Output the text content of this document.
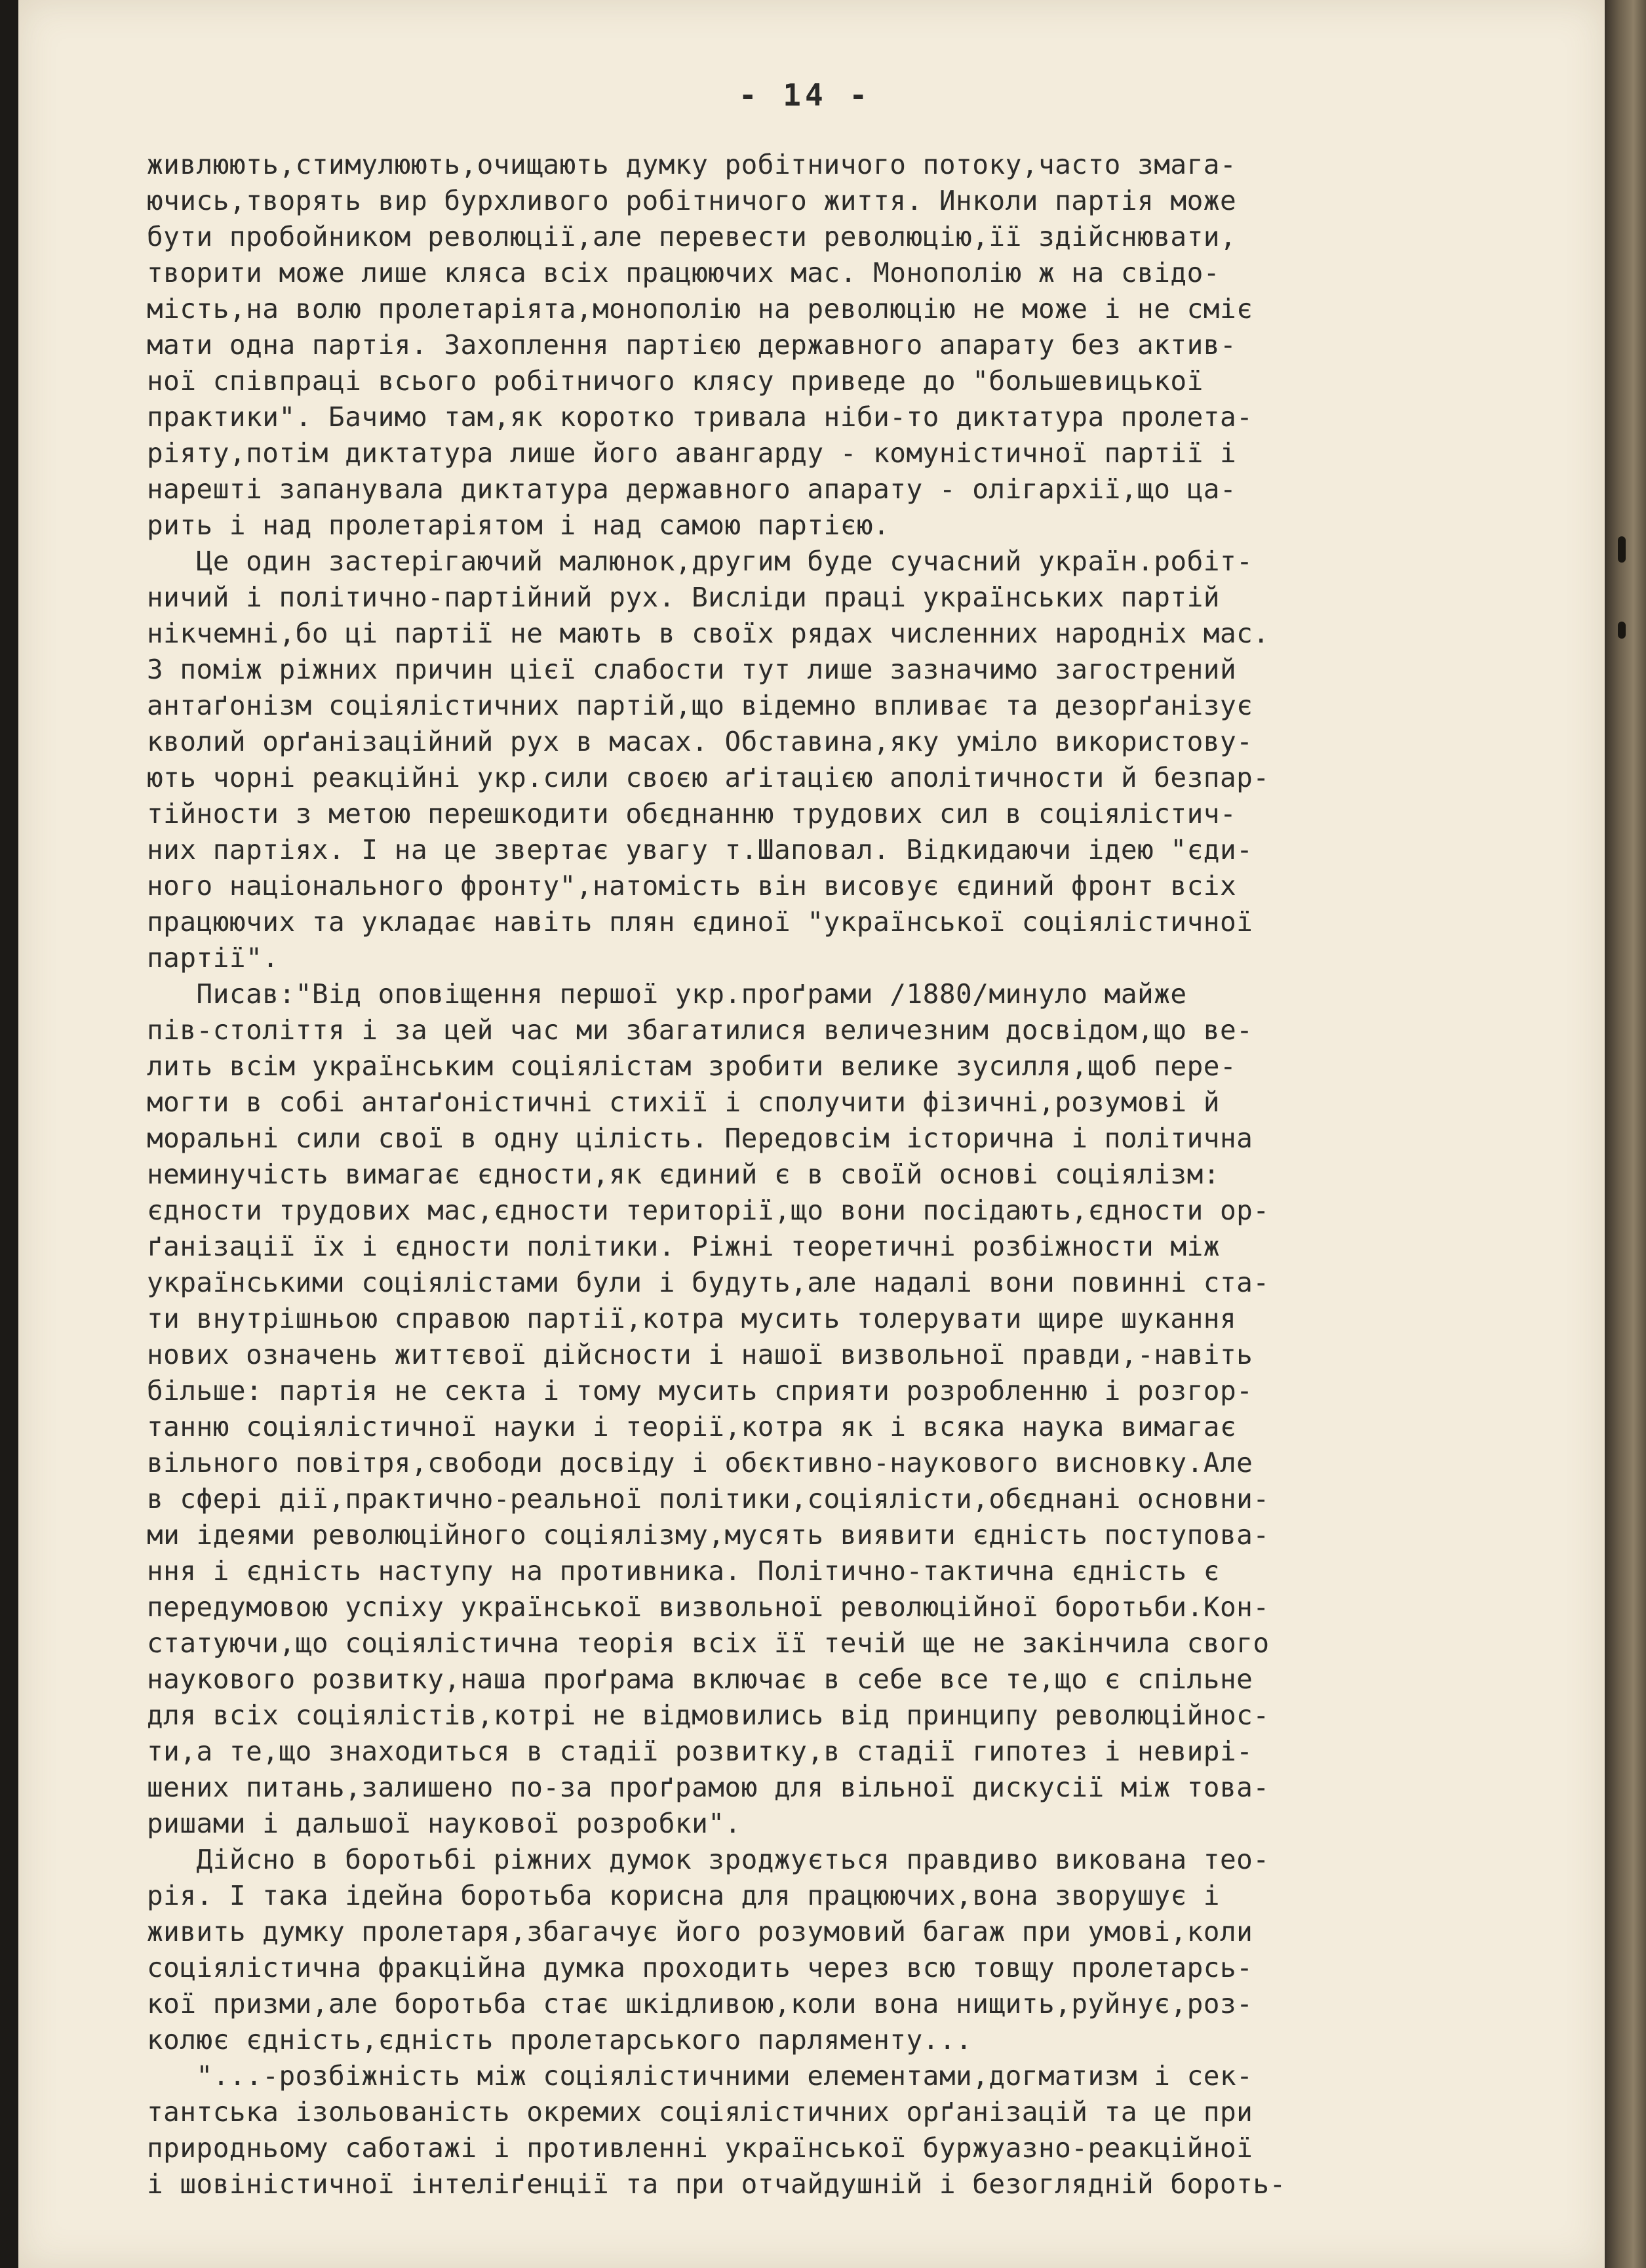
- 14 -
живлюють,стимулюють,очищають думку робітничого потоку,часто змага-
ючись,творять вир бурхливого робітничого життя. Инколи партія може
бути пробойником революції,але перевести революцію,її здійснювати,
творити може лише кляса всіх працюючих мас. Монополію ж на свідо-
мість,на волю пролетаріята,монополію на революцію не може і не сміє
мати одна партія. Захоплення партією державного апарату без актив-
ної співпраці всього робітничого клясу приведе до "большевицької
практики". Бачимо там,як коротко тривала ніби-то диктатура пролета-
ріяту,потім диктатура лише його авангарду - комуністичної партії і
нарешті запанувала диктатура державного апарату - олігархії,що ца-
рить і над пролетаріятом і над самою партією.
Це один застерігаючий малюнок,другим буде сучасний україн.робіт-
ничий і політично-партійний рух. Висліди праці українських партій
нікчемні,бо ці партії не мають в своїх рядах численних народніх мас.
З поміж ріжних причин цієї слабости тут лише зазначимо загострений
антаґонізм соціялістичних партій,що відемно впливає та дезорґанізує
кволий орґанізаційний рух в масах. Обставина,яку уміло використову-
ють чорні реакційні укр.сили своєю аґітацією аполітичности й безпар-
тійности з метою перешкодити обєднанню трудових сил в соціялістич-
них партіях. І на це звертає увагу т.Шаповал. Відкидаючи ідею "єди-
ного національного фронту",натомість він висовує єдиний фронт всіх
працюючих та укладає навіть плян єдиної "української соціялістичної
партії".
Писав:"Від оповіщення першої укр.проґрами /1880/минуло майже
пів-століття і за цей час ми збагатилися величезним досвідом,що ве-
лить всім українським соціялістам зробити велике зусилля,щоб пере-
могти в собі антаґоністичні стихії і сполучити фізичні,розумові й
моральні сили свої в одну цілість. Передовсім історична і політична
неминучість вимагає єдности,як єдиний є в своїй основі соціялізм:
єдности трудових мас,єдности території,що вони посідають,єдности ор-
ґанізації їх і єдности політики. Ріжні теоретичні розбіжности між
українськими соціялістами були і будуть,але надалі вони повинні ста-
ти внутрішньою справою партії,котра мусить толерувати щире шукання
нових означень життєвої дійсности і нашої визвольної правди,-навіть
більше: партія не секта і тому мусить сприяти розробленню і розгор-
танню соціялістичної науки і теорії,котра як і всяка наука вимагає
вільного повітря,свободи досвіду і обєктивно-наукового висновку.Але
в сфері дії,практично-реальної політики,соціялісти,обєднані основни-
ми ідеями революційного соціялізму,мусять виявити єдність поступова-
ння і єдність наступу на противника. Політично-тактична єдність є
передумовою успіху української визвольної революційної боротьби.Кон-
статуючи,що соціялістична теорія всіх її течій ще не закінчила свого
наукового розвитку,наша проґрама включає в себе все те,що є спільне
для всіх соціялістів,котрі не відмовились від принципу революційнос-
ти,а те,що знаходиться в стадії розвитку,в стадії гипотез і невирі-
шених питань,залишено по-за проґрамою для вільної дискусії між това-
ришами і дальшої наукової розробки".
Дійсно в боротьбі ріжних думок зроджується правдиво викована тео-
рія. І така ідейна боротьба корисна для працюючих,вона зворушує і
живить думку пролетаря,збагачує його розумовий багаж при умові,коли
соціялістична фракційна думка проходить через всю товщу пролетарсь-
кої призми,але боротьба стає шкідливою,коли вона нищить,руйнує,роз-
колює єдність,єдність пролетарського парляменту...
"...-розбіжність між соціялістичними елементами,догматизм і сек-
тантська ізольованість окремих соціялістичних орґанізацій та це при
природньому саботажі і противленні української буржуазно-реакційної
і шовіністичної інтеліґенції та при отчайдушній і безоглядній бороть-
